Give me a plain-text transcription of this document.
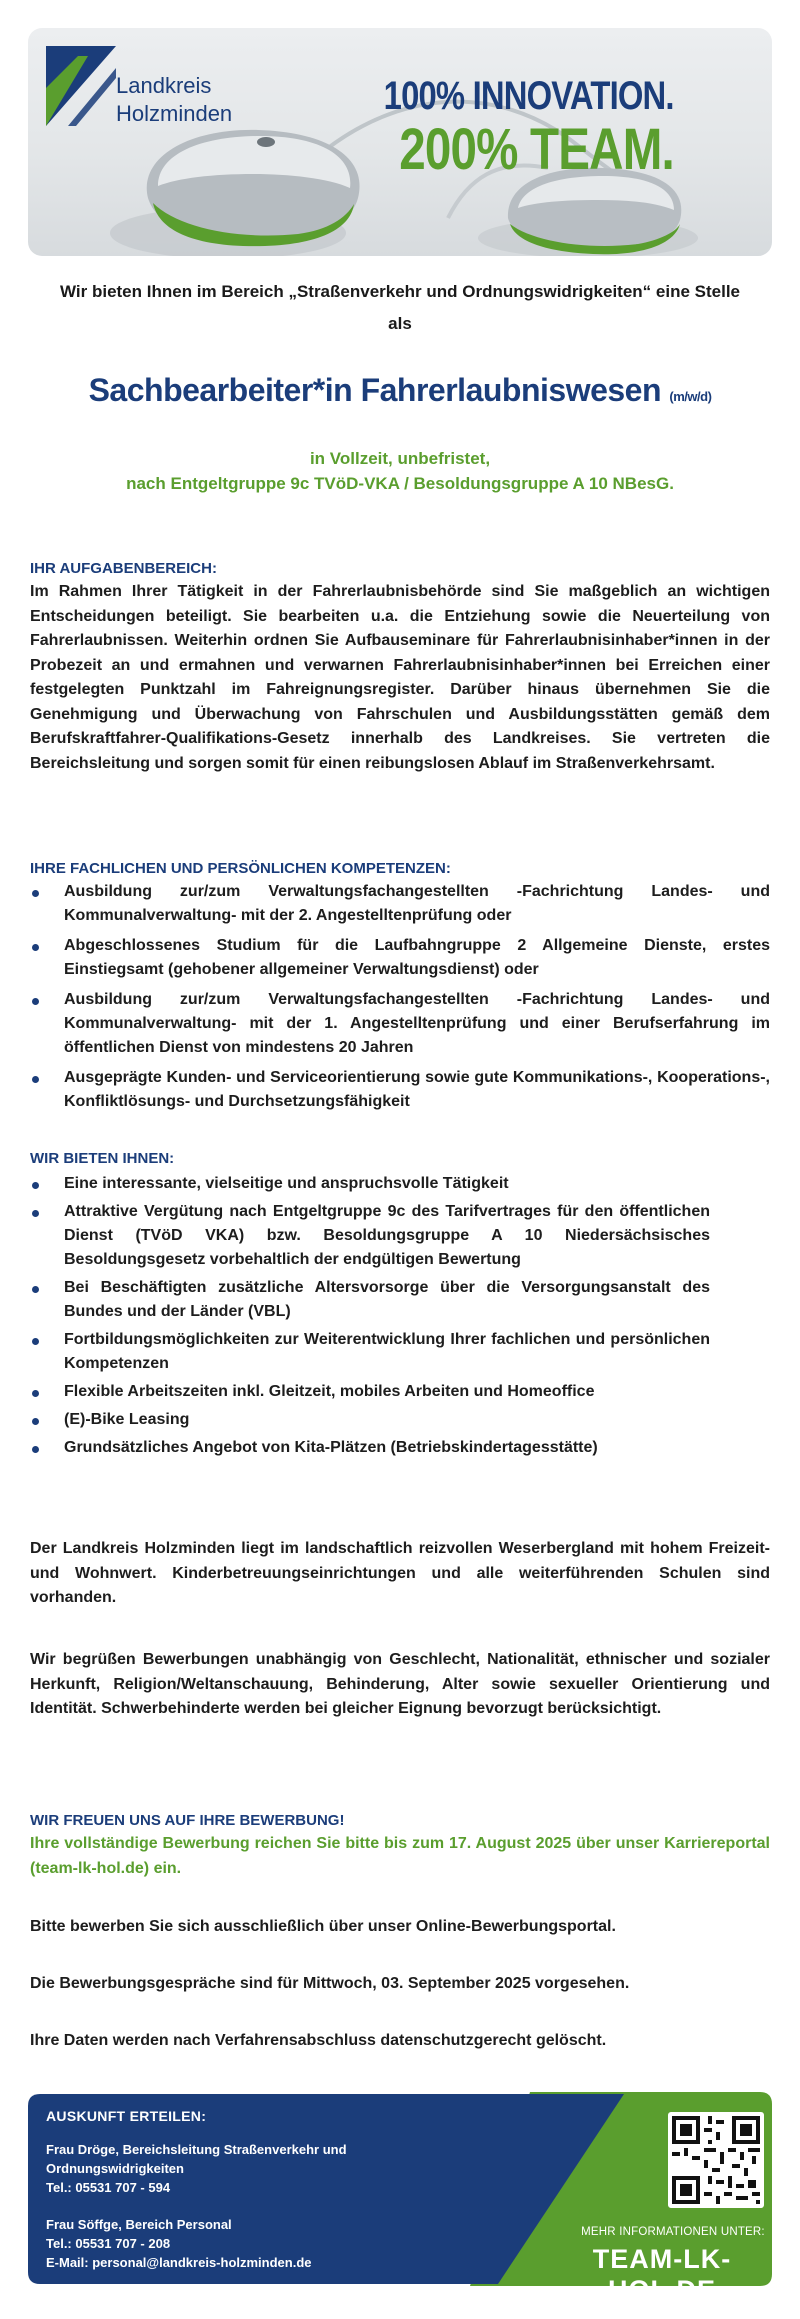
Landkreis
Holzminden	100% INNOVATION.
200% TEAM.
Wir bieten Ihnen im Bereich „Straßenverkehr und Ordnungswidrigkeiten“ eine Stelle
als
Sachbearbeiter*in Fahrerlaubniswesen (m/w/d)
in Vollzeit, unbefristet,
nach Entgeltgruppe 9c TVöD-VKA / Besoldungsgruppe A 10 NBesG.
IHR AUFGABENBEREICH:
Im Rahmen Ihrer Tätigkeit in der Fahrerlaubnisbehörde sind Sie maßgeblich an wichtigen Entscheidungen beteiligt. Sie bearbeiten u.a. die Entziehung sowie die Neuerteilung von Fahrerlaubnissen. Weiterhin ordnen Sie Aufbauseminare für Fahrerlaubnisinhaber*innen in der Probezeit an und ermahnen und verwarnen Fahrerlaubnisinhaber*innen bei Erreichen einer festgelegten Punktzahl im Fahreignungsregister. Darüber hinaus übernehmen Sie die Genehmigung und Überwachung von Fahrschulen und Ausbildungsstätten gemäß dem Berufskraftfahrer-Qualifikations-Gesetz innerhalb des Landkreises. Sie vertreten die Bereichsleitung und sorgen somit für einen reibungslosen Ablauf im Straßenverkehrsamt.
IHRE FACHLICHEN UND PERSÖNLICHEN KOMPETENZEN:
Ausbildung zur/zum Verwaltungsfachangestellten -Fachrichtung Landes- und Kommunalverwaltung- mit der 2. Angestelltenprüfung oder
Abgeschlossenes Studium für die Laufbahngruppe 2 Allgemeine Dienste, erstes Einstiegsamt (gehobener allgemeiner Verwaltungsdienst) oder
Ausbildung zur/zum Verwaltungsfachangestellten -Fachrichtung Landes- und Kommunalverwaltung- mit der 1. Angestelltenprüfung und einer Berufserfahrung im öffentlichen Dienst von mindestens 20 Jahren
Ausgeprägte Kunden- und Serviceorientierung sowie gute Kommunikations-, Kooperations-, Konfliktlösungs- und Durchsetzungsfähigkeit
WIR BIETEN IHNEN:
Eine interessante, vielseitige und anspruchsvolle Tätigkeit
Attraktive Vergütung nach Entgeltgruppe 9c des Tarifvertrages für den öffentlichen Dienst (TVöD VKA) bzw. Besoldungsgruppe A 10 Niedersächsisches Besoldungsgesetz vorbehaltlich der endgültigen Bewertung
Bei Beschäftigten zusätzliche Altersvorsorge über die Versorgungsanstalt des Bundes und der Länder (VBL)
Fortbildungsmöglichkeiten zur Weiterentwicklung Ihrer fachlichen und persönlichen Kompetenzen
Flexible Arbeitszeiten inkl. Gleitzeit, mobiles Arbeiten und Homeoffice
(E)-Bike Leasing
Grundsätzliches Angebot von Kita-Plätzen (Betriebskindertagesstätte)
Der Landkreis Holzminden liegt im landschaftlich reizvollen Weserbergland mit hohem Freizeit- und Wohnwert. Kinderbetreuungseinrichtungen und alle weiterführenden Schulen sind vorhanden.
Wir begrüßen Bewerbungen unabhängig von Geschlecht, Nationalität, ethnischer und sozialer Herkunft, Religion/Weltanschauung, Behinderung, Alter sowie sexueller Orientierung und Identität. Schwerbehinderte werden bei gleicher Eignung bevorzugt berücksichtigt.
WIR FREUEN UNS AUF IHRE BEWERBUNG!
Ihre vollständige Bewerbung reichen Sie bitte bis zum 17. August 2025 über unser Karriereportal (team-lk-hol.de) ein.
Bitte bewerben Sie sich ausschließlich über unser Online-Bewerbungsportal.
Die Bewerbungsgespräche sind für Mittwoch, 03. September 2025 vorgesehen.
Ihre Daten werden nach Verfahrensabschluss datenschutzgerecht gelöscht.
AUSKUNFT ERTEILEN:
Frau Dröge, Bereichsleitung Straßenverkehr und
Ordnungswidrigkeiten
Tel.: 05531 707 - 594
Frau Söffge, Bereich Personal
Tel.: 05531 707 - 208
E-Mail: personal@landkreis-holzminden.de
MEHR INFORMATIONEN UNTER:
TEAM-LK-HOL.DE
